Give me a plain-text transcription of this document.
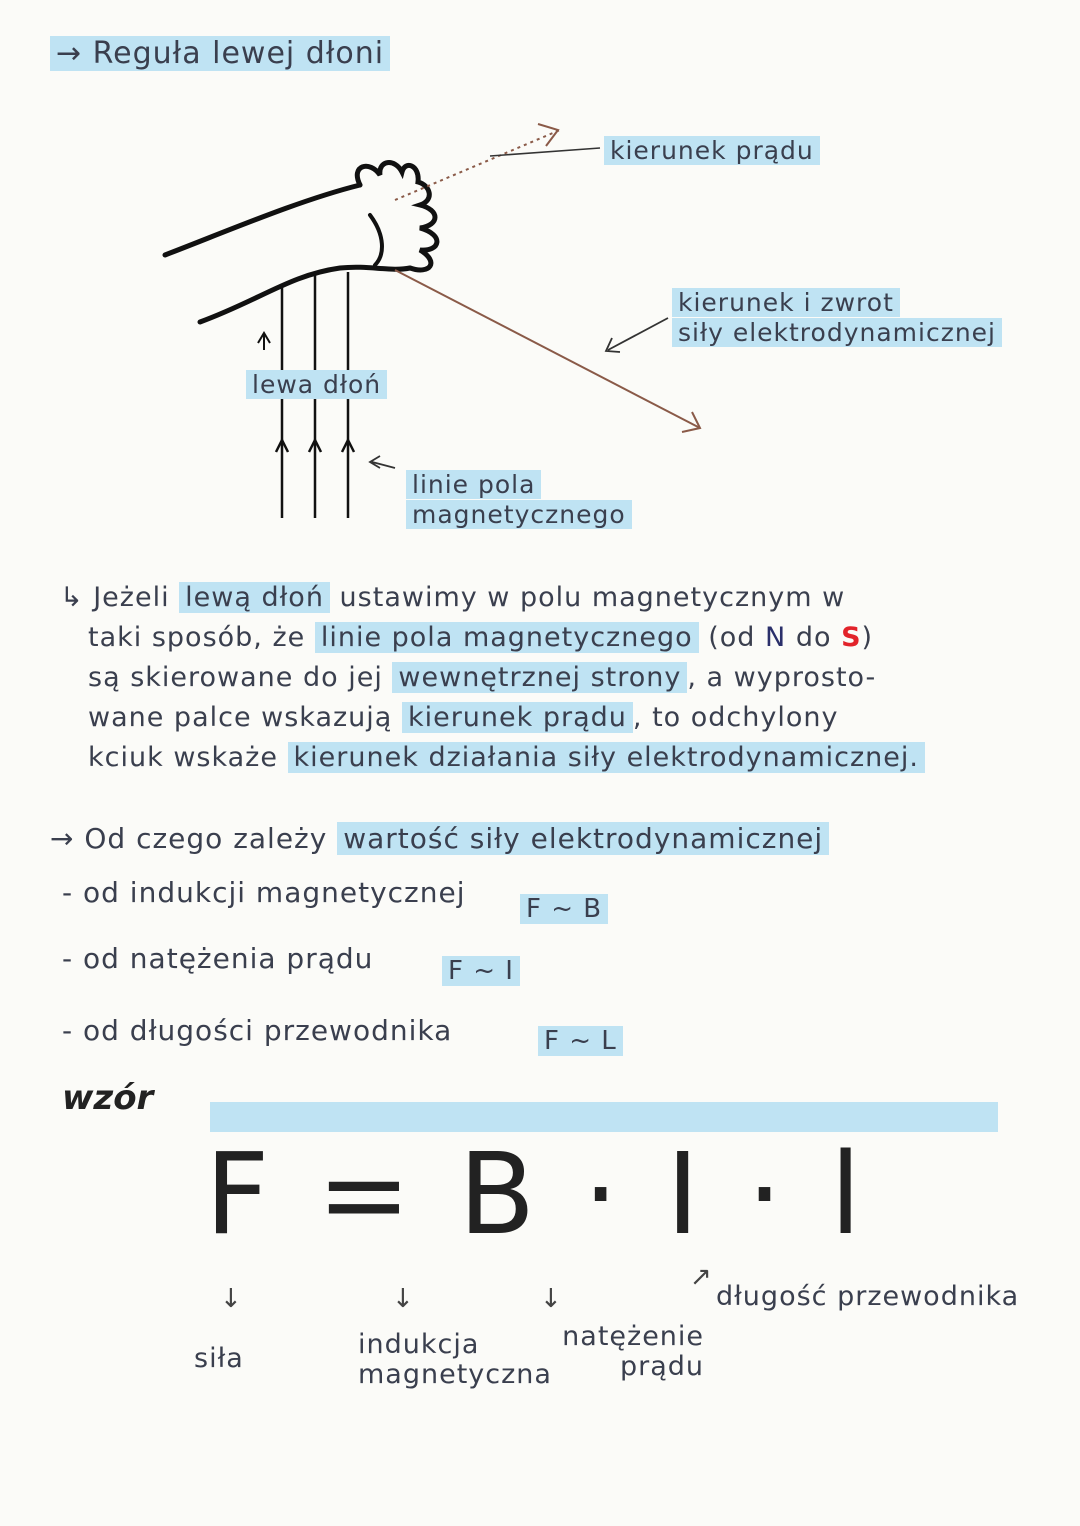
→ Reguła lewej dłoni
kierunek prądu
kierunek i zwrot
siły elektrodynamicznej
lewa dłoń
linie pola
magnetycznego

↳ Jeżeli lewą dłoń ustawimy w polu magnetycznym w

taki sposób, że linie pola magnetycznego (od N do S)

są skierowane do jej wewnętrznej strony , a wyprosto-

wane palce wskazują kierunek prądu , to odchylony

kciuk wskaże kierunek działania siły elektrodynamicznej.

→ Od czego zależy wartość siły elektrodynamicznej
- od indukcji magnetycznej F ~ B
- od natężenia prądu	F ~ I
- od długości przewodnika	F ~ L
wzór
F = B · I · l
↓	↓	↓
↗
siła	indukcja
magnetyczna
natężenie
prądu
długość przewodnika
